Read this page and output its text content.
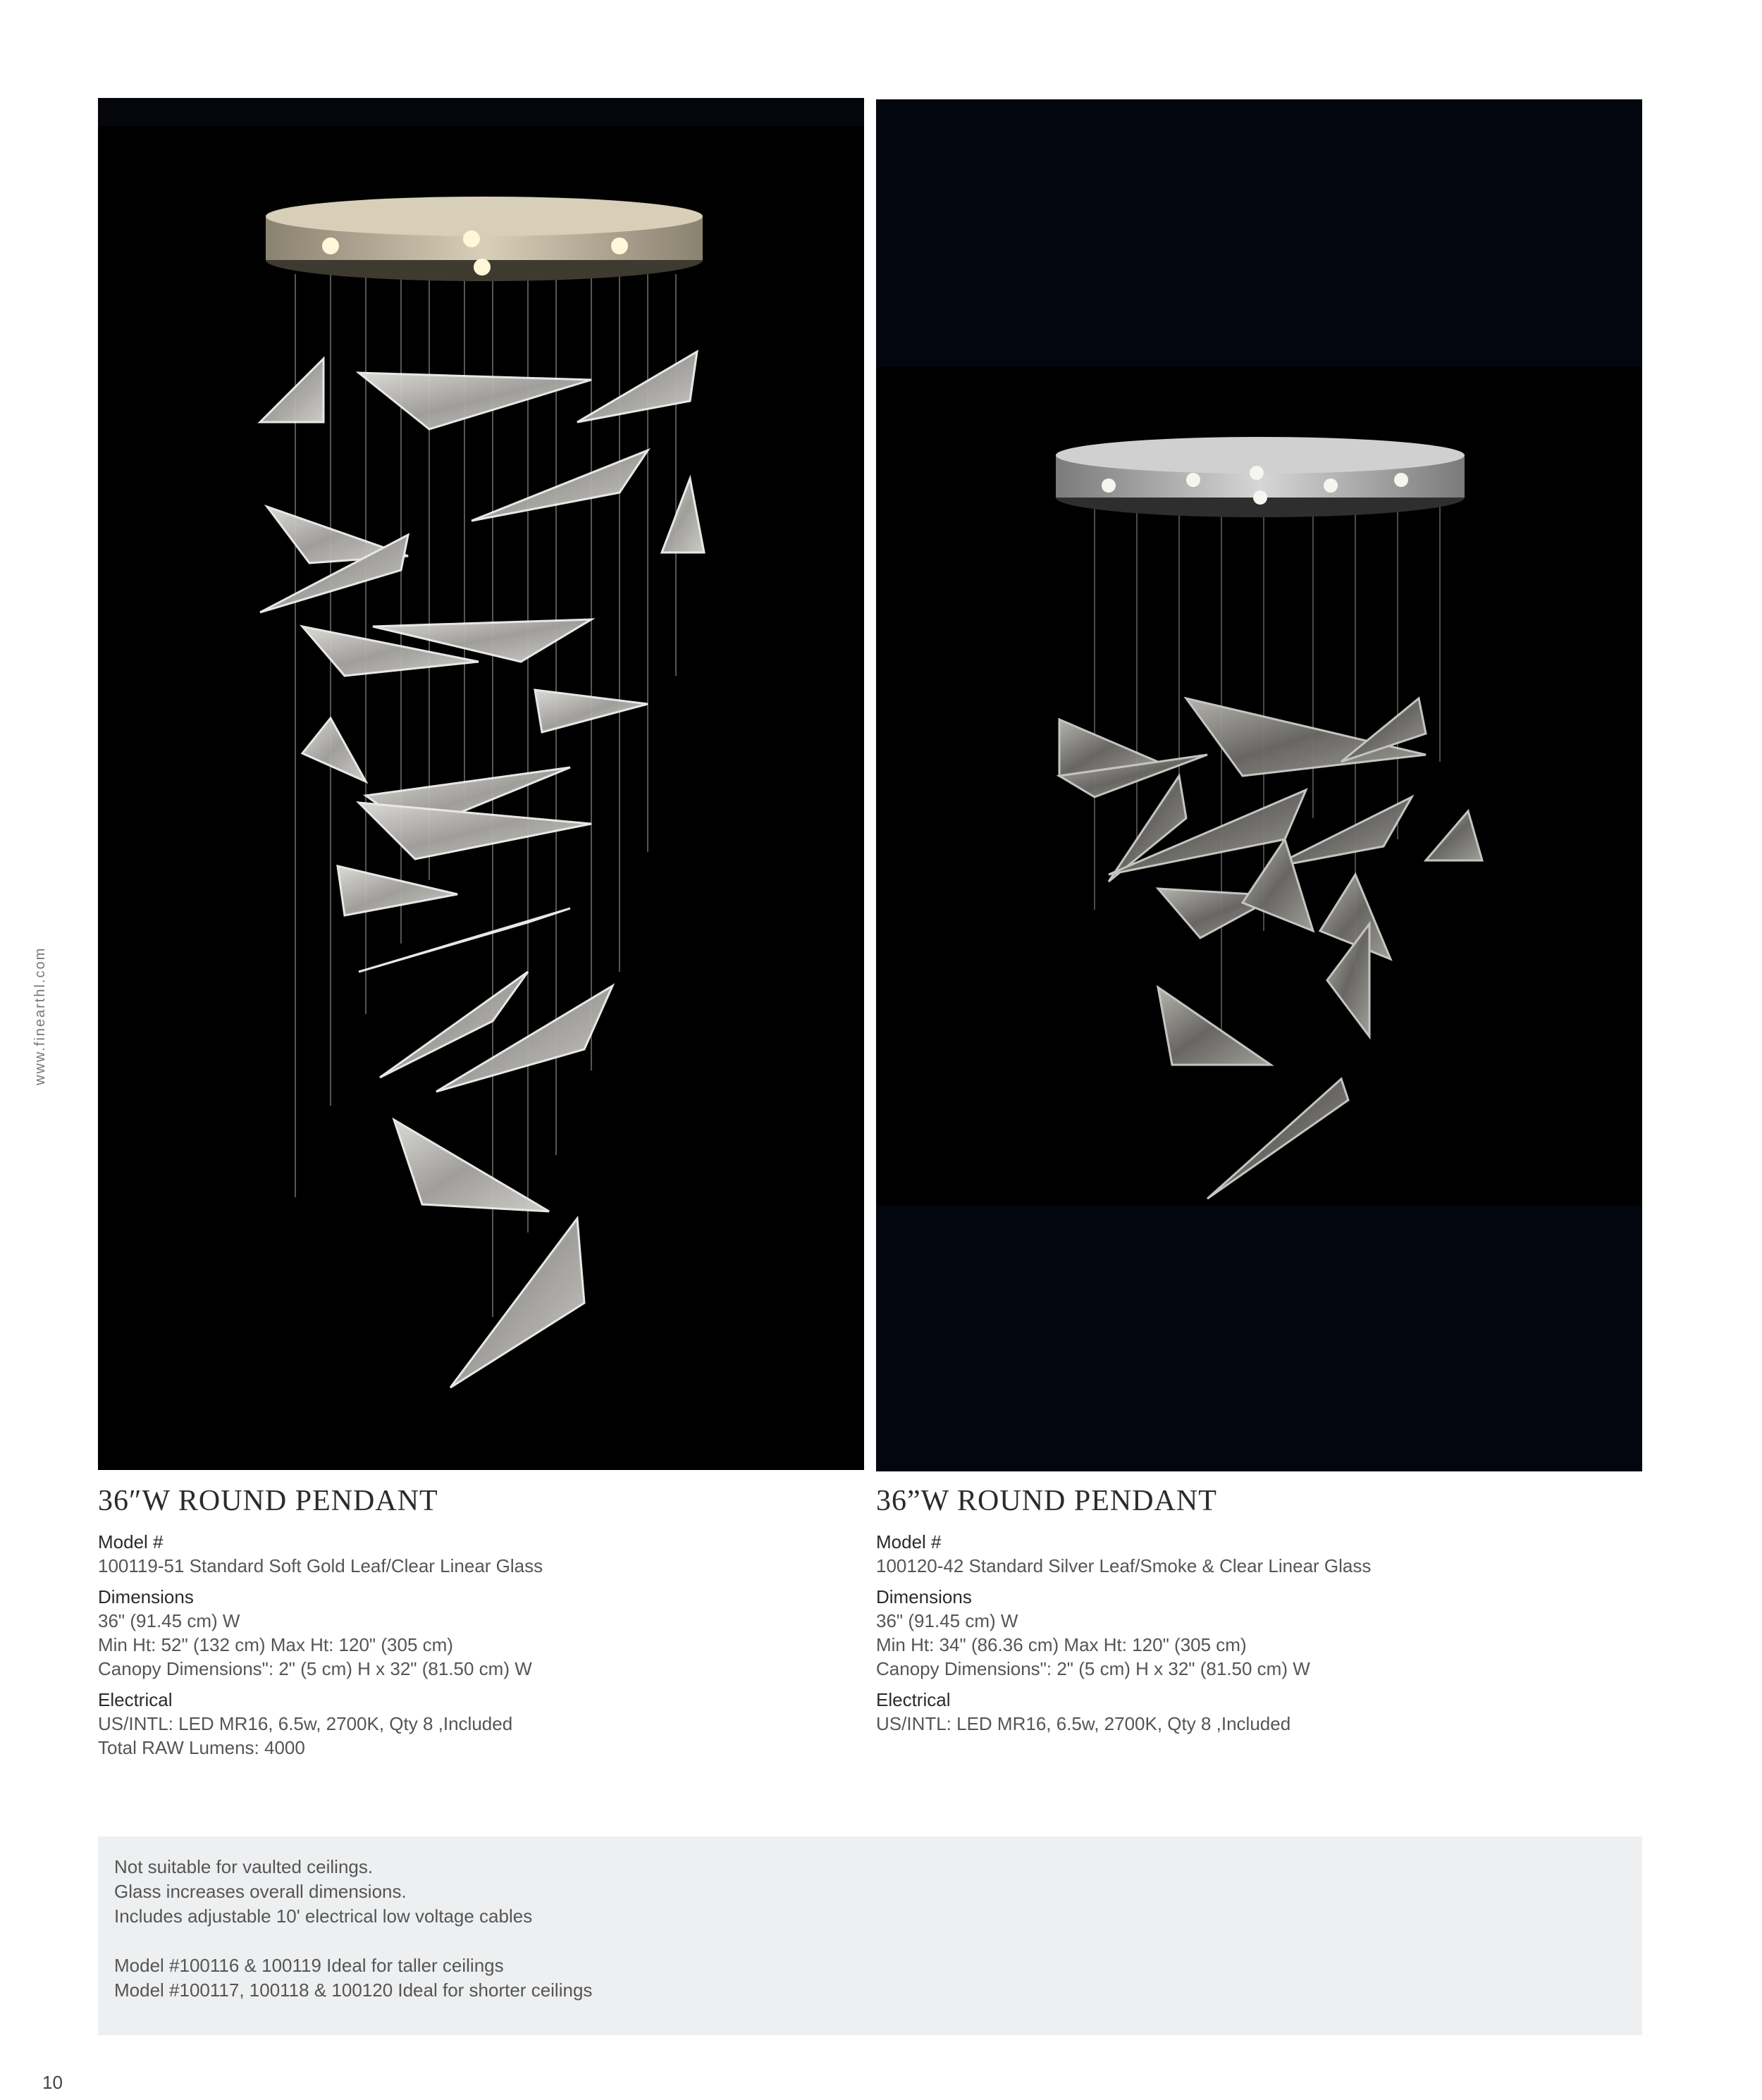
www.finearthl.com
36″W ROUND PENDANT
Model #
100119-51 Standard Soft Gold Leaf/Clear Linear Glass
Dimensions
36" (91.45 cm) W
Min Ht: 52" (132 cm) Max Ht: 120" (305 cm)
Canopy Dimensions": 2" (5 cm) H x 32" (81.50 cm) W
Electrical
US/INTL: LED MR16, 6.5w, 2700K, Qty 8 ,Included
Total RAW Lumens: 4000
36”W ROUND PENDANT
Model #
100120-42 Standard Silver Leaf/Smoke & Clear Linear Glass
Dimensions
36" (91.45 cm) W
Min Ht: 34" (86.36 cm) Max Ht: 120" (305 cm)
Canopy Dimensions": 2" (5 cm) H x 32" (81.50 cm) W
Electrical
US/INTL: LED MR16, 6.5w, 2700K, Qty 8 ,Included
Not suitable for vaulted ceilings.
Glass increases overall dimensions.
Includes adjustable 10' electrical low voltage cables
Model #100116 & 100119 Ideal for taller ceilings
Model #100117, 100118 & 100120 Ideal for shorter ceilings
10
